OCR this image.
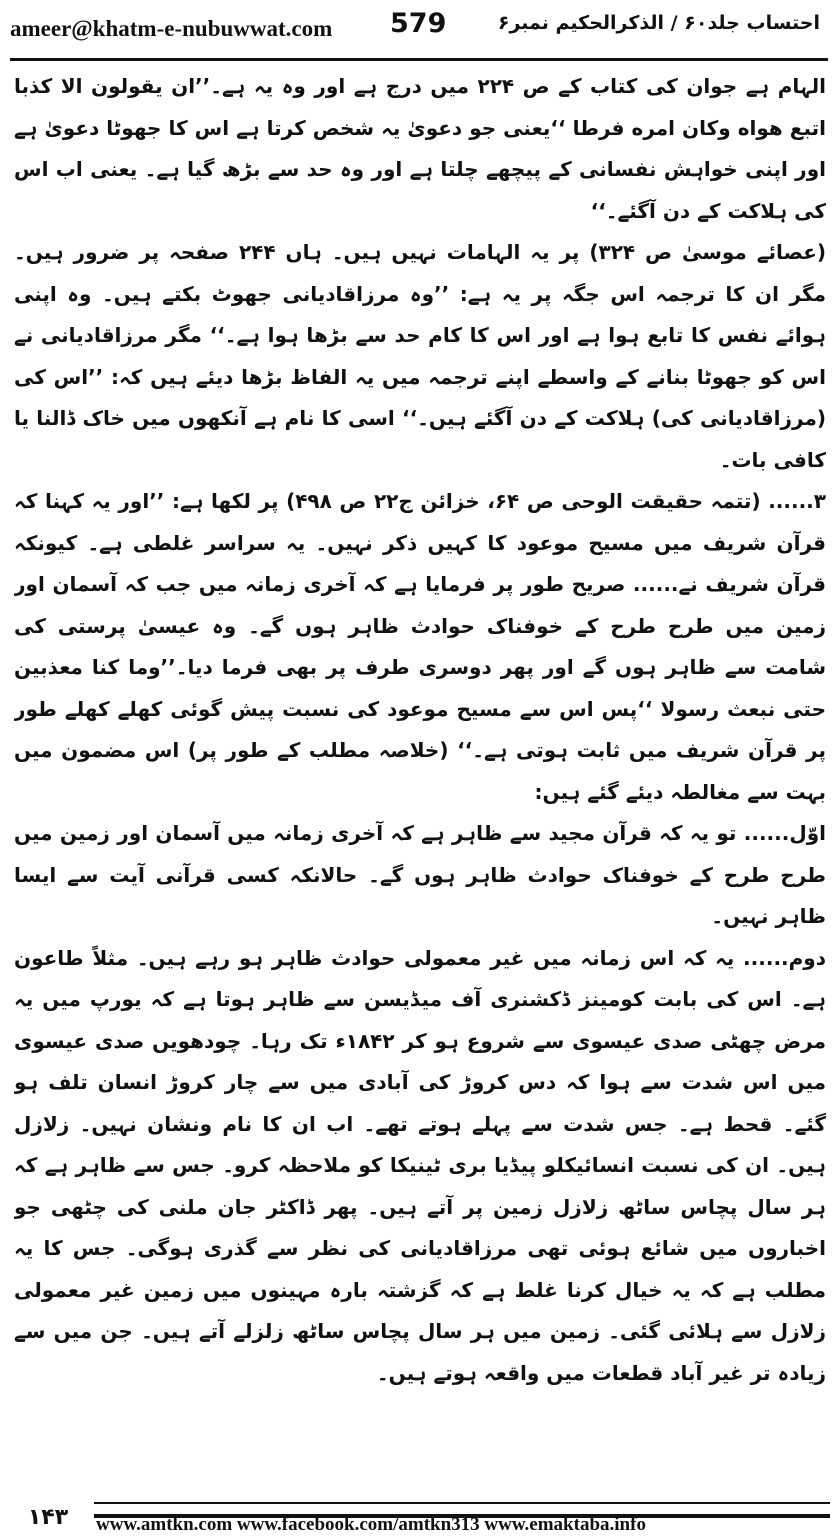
ameer@khatm-e-nubuwwat.com 579	احتساب جلد۶۰ / الذکرالحکیم نمبر۶

الہام ہے جوان کی کتاب کے ص ۲۲۴ میں درج ہے اور وہ یہ ہے۔’’ان یقولون الا کذبا اتبع هواه وكان امره فرطا ‘‘یعنی جو دعویٰ یہ شخص کرتا ہے اس کا جھوٹا دعویٰ ہے اور اپنی خواہش نفسانی کے پیچھے چلتا ہے اور وہ حد سے بڑھ گیا ہے۔ یعنی اب اس کی ہلاکت کے دن آگئے۔‘‘

(عصائے موسیٰ ص ۳۲۴) پر یہ الہامات نہیں ہیں۔ ہاں ۲۴۴ صفحہ پر ضرور ہیں۔ مگر ان کا ترجمہ اس جگہ پر یہ ہے: ’’وہ مرزاقادیانی جھوٹ بکتے ہیں۔ وہ اپنی ہوائے نفس کا تابع ہوا ہے اور اس کا کام حد سے بڑھا ہوا ہے۔‘‘ مگر مرزاقادیانی نے اس کو جھوٹا بنانے کے واسطے اپنے ترجمہ میں یہ الفاظ بڑھا دیئے ہیں کہ: ’’اس کی (مرزاقادیانی کی) ہلاکت کے دن آگئے ہیں۔‘‘ اسی کا نام ہے آنکھوں میں خاک ڈالنا یا کافی بات۔

۳...... (تتمہ حقیقت الوحی ص ۶۴، خزائن ج۲۲ ص ۴۹۸) پر لکھا ہے: ’’اور یہ کہنا کہ قرآن شریف میں مسیح موعود کا کہیں ذکر نہیں۔ یہ سراسر غلطی ہے۔ کیونکہ قرآن شریف نے...... صریح طور پر فرمایا ہے کہ آخری زمانہ میں جب کہ آسمان اور زمین میں طرح طرح کے خوفناک حوادث ظاہر ہوں گے۔ وہ عیسیٰ پرستی کی شامت سے ظاہر ہوں گے اور پھر دوسری طرف پر بھی فرما دیا۔’’وما کنا معذبين حتى نبعث رسولا ‘‘پس اس سے مسیح موعود کی نسبت پیش گوئی کھلے کھلے طور پر قرآن شریف میں ثابت ہوتی ہے۔‘‘ (خلاصہ مطلب کے طور پر) اس مضمون میں بہت سے مغالطہ دیئے گئے ہیں:

اوّل...... تو یہ کہ قرآن مجید سے ظاہر ہے کہ آخری زمانہ میں آسمان اور زمین میں طرح طرح کے خوفناک حوادث ظاہر ہوں گے۔ حالانکہ کسی قرآنی آیت سے ایسا ظاہر نہیں۔

دوم...... یہ کہ اس زمانہ میں غیر معمولی حوادث ظاہر ہو رہے ہیں۔ مثلاً طاعون ہے۔ اس کی بابت کومینز ڈکشنری آف میڈیسن سے ظاہر ہوتا ہے کہ یورپ میں یہ مرض چھٹی صدی عیسوی سے شروع ہو کر ۱۸۴۲ء تک رہا۔ چودھویں صدی عیسوی میں اس شدت سے ہوا کہ دس کروڑ کی آبادی میں سے چار کروڑ انسان تلف ہو گئے۔ قحط ہے۔ جس شدت سے پہلے ہوتے تھے۔ اب ان کا نام ونشان نہیں۔ زلازل ہیں۔ ان کی نسبت انسائیکلو پیڈیا بری ٹینیکا کو ملاحظہ کرو۔ جس سے ظاہر ہے کہ ہر سال پچاس ساٹھ زلازل زمین پر آتے ہیں۔ پھر ڈاکٹر جان ملنی کی چٹھی جو اخباروں میں شائع ہوئی تھی مرزاقادیانی کی نظر سے گذری ہوگی۔ جس کا یہ مطلب ہے کہ یہ خیال کرنا غلط ہے کہ گزشتہ بارہ مہینوں میں زمین غیر معمولی زلازل سے ہلائی گئی۔ زمین میں ہر سال پچاس ساٹھ زلزلے آتے ہیں۔ جن میں سے زیادہ تر غیر آباد قطعات میں واقعہ ہوتے ہیں۔

۱۴۳	www.amtkn.com www.facebook.com/amtkn313 www.emaktaba.info
